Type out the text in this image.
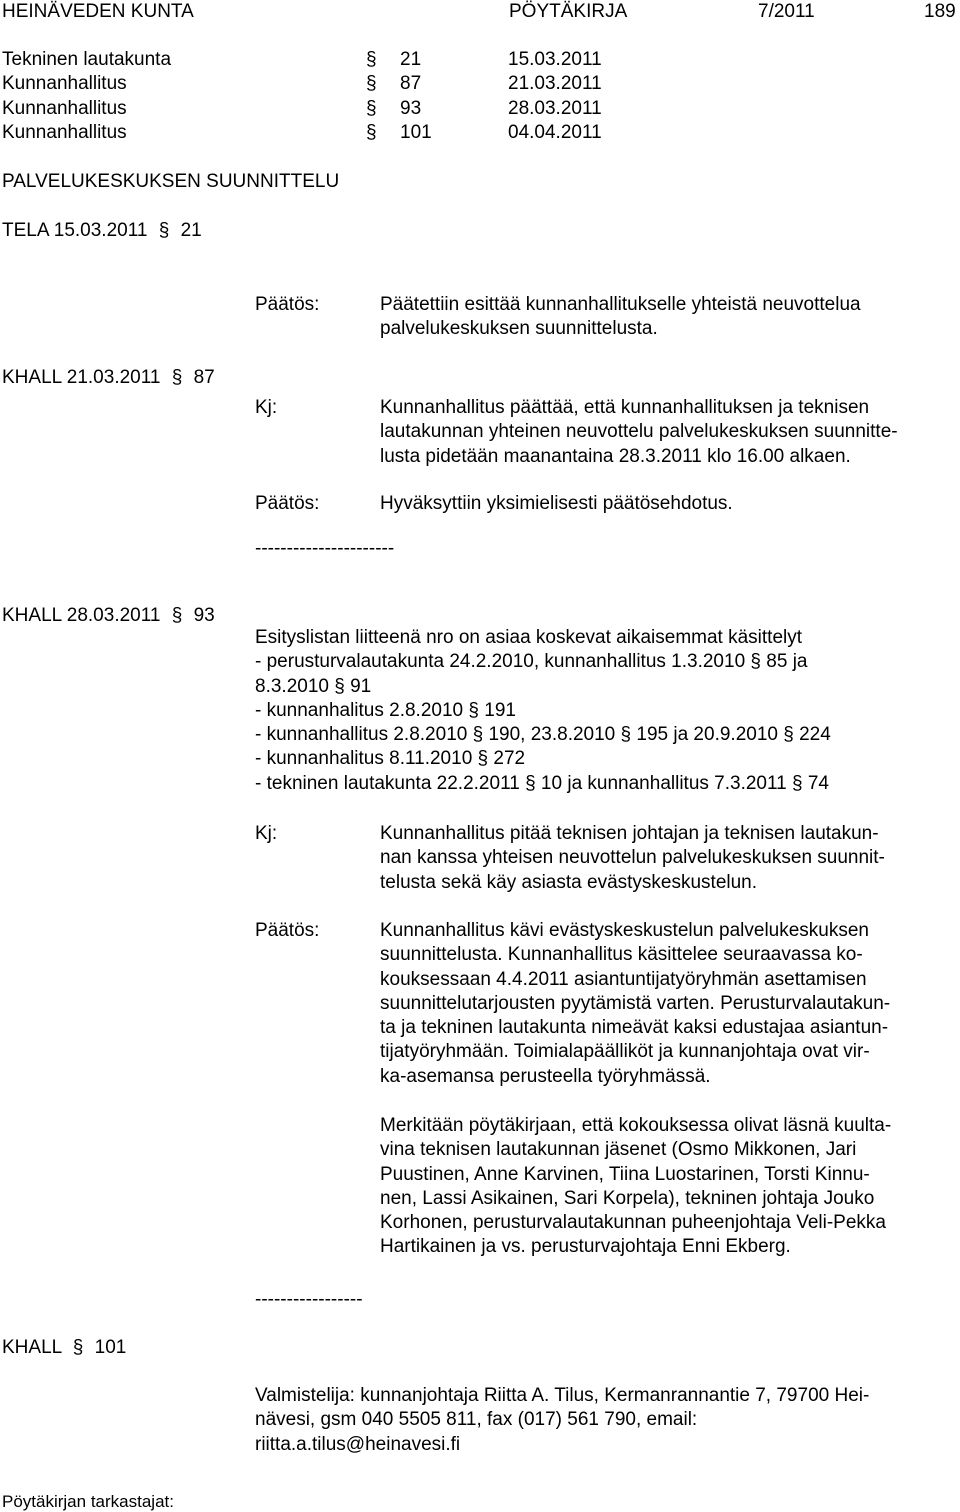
HEINÄVEDEN KUNTA	PÖYTÄKIRJA	7/2011	189
Tekninen lautakunta	§ 21	15.03.2011
Kunnanhallitus	§ 87	21.03.2011
Kunnanhallitus	§ 93	28.03.2011
Kunnanhallitus	§ 101	04.04.2011
PALVELUKESKUKSEN SUUNNITTELU
TELA 15.03.2011 § 21
Päätös:	Päätettiin esittää kunnanhallitukselle yhteistä neuvottelua
palvelukeskuksen suunnittelusta.
KHALL 21.03.2011 § 87
Kj:	Kunnanhallitus päättää, että kunnanhallituksen ja teknisen
lautakunnan yhteinen neuvottelu palvelukeskuksen suunnitte-
lusta pidetään maanantaina 28.3.2011 klo 16.00 alkaen.
Päätös:	Hyväksyttiin yksimielisesti päätösehdotus.
----------------------
KHALL 28.03.2011 § 93
Esityslistan liitteenä nro on asiaa koskevat aikaisemmat käsittelyt
- perusturvalautakunta 24.2.2010, kunnanhallitus 1.3.2010 § 85 ja
8.3.2010 § 91
- kunnanhalitus 2.8.2010 § 191
- kunnanhallitus 2.8.2010 § 190, 23.8.2010 § 195 ja 20.9.2010 § 224
- kunnanhalitus 8.11.2010 § 272
- tekninen lautakunta 22.2.2011 § 10 ja kunnanhallitus 7.3.2011 § 74
Kj:	Kunnanhallitus pitää teknisen johtajan ja teknisen lautakun-
nan kanssa yhteisen neuvottelun palvelukeskuksen suunnit-
telusta sekä käy asiasta evästyskeskustelun.
Päätös:	Kunnanhallitus kävi evästyskeskustelun palvelukeskuksen
suunnittelusta. Kunnanhallitus käsittelee seuraavassa ko-
kouksessaan 4.4.2011 asiantuntijatyöryhmän asettamisen
suunnittelutarjousten pyytämistä varten. Perusturvalautakun-
ta ja tekninen lautakunta nimeävät kaksi edustajaa asiantun-
tijatyöryhmään. Toimialapäälliköt ja kunnanjohtaja ovat vir-
ka-asemansa perusteella työryhmässä.
Merkitään pöytäkirjaan, että kokouksessa olivat läsnä kuulta-
vina teknisen lautakunnan jäsenet (Osmo Mikkonen, Jari
Puustinen, Anne Karvinen, Tiina Luostarinen, Torsti Kinnu-
nen, Lassi Asikainen, Sari Korpela), tekninen johtaja Jouko
Korhonen, perusturvalautakunnan puheenjohtaja Veli-Pekka
Hartikainen ja vs. perusturvajohtaja Enni Ekberg.
-----------------
KHALL § 101
Valmistelija: kunnanjohtaja Riitta A. Tilus, Kermanrannantie 7, 79700 Hei-
nävesi, gsm 040 5505 811, fax (017) 561 790, email:
riitta.a.tilus@heinavesi.fi
Pöytäkirjan tarkastajat:
